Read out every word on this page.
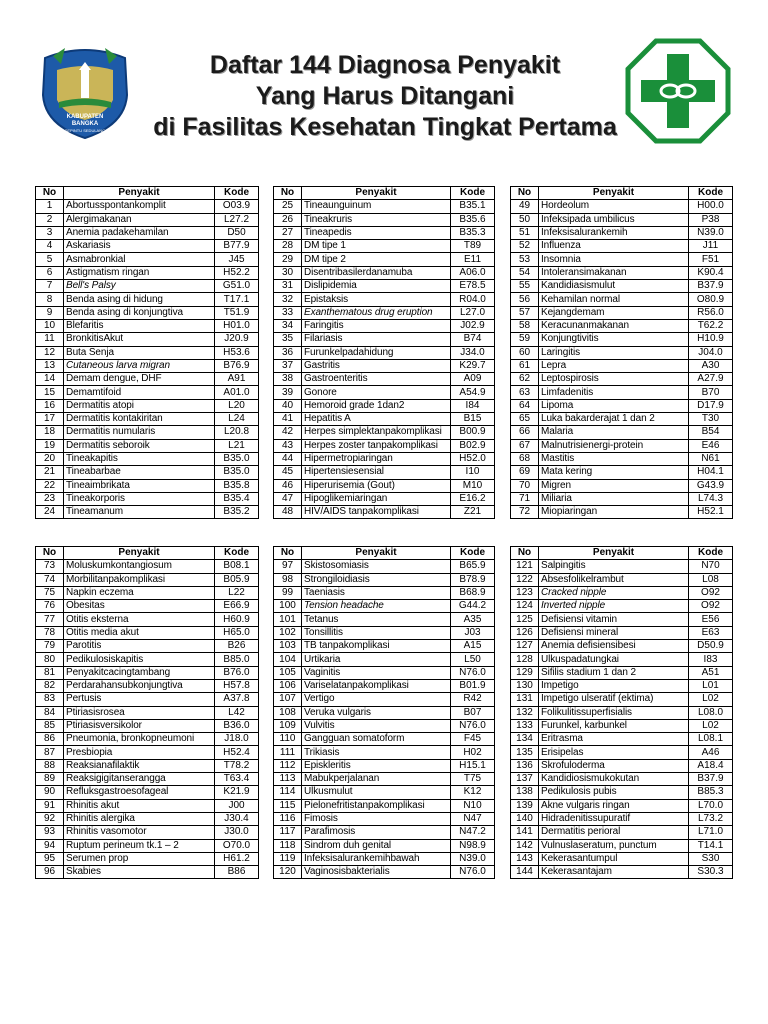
KABUPATEN
BANGKA
SEPINTU SEDULANG
Daftar 144 Diagnosa Penyakit
Yang Harus Ditangani
di Fasilitas Kesehatan Tingkat Pertama
No	Penyakit	Kode
1	Abortusspontankomplit	O03.9
2	Alergimakanan	L27.2
3	Anemia padakehamilan	D50
4	Askariasis	B77.9
5	Asmabronkial	J45
6	Astigmatism ringan	H52.2
7	Bell's Palsy	G51.0
8	Benda asing di hidung	T17.1
9	Benda asing di konjungtiva	T51.9
10	Blefaritis	H01.0
11	BronkitisAkut	J20.9
12	Buta Senja	H53.6
13	Cutaneous larva migran	B76.9
14	Demam dengue, DHF	A91
15	Demamtifoid	A01.0
16	Dermatitis atopi	L20
17	Dermatitis kontakiritan	L24
18	Dermatitis numularis	L20.8
19	Dermatitis seboroik	L21
20	Tineakapitis	B35.0
21	Tineabarbae	B35.0
22	Tineaimbrikata	B35.8
23	Tineakorporis	B35.4
24	Tineamanum	B35.2
No	Penyakit	Kode
25	Tineaunguinum	B35.1
26	Tineakruris	B35.6
27	Tineapedis	B35.3
28	DM tipe 1	T89
29	DM tipe 2	E11
30	Disentribasilerdanamuba	A06.0
31	Dislipidemia	E78.5
32	Epistaksis	R04.0
33	Exanthematous drug eruption	L27.0
34	Faringitis	J02.9
35	Filariasis	B74
36	Furunkelpadahidung	J34.0
37	Gastritis	K29.7
38	Gastroenteritis	A09
39	Gonore	A54.9
40	Hemoroid grade 1dan2	I84
41	Hepatitis A	B15
42	Herpes simplektanpakomplikasi	B00.9
43	Herpes zoster tanpakomplikasi	B02.9
44	Hipermetropiaringan	H52.0
45	Hipertensiesensial	I10
46	Hiperurisemia (Gout)	M10
47	Hipoglikemiaringan	E16.2
48	HIV/AIDS tanpakomplikasi	Z21
No	Penyakit	Kode
49	Hordeolum	H00.0
50	Infeksipada umbilicus	P38
51	Infeksisalurankemih	N39.0
52	Influenza	J11
53	Insomnia	F51
54	Intoleransimakanan	K90.4
55	Kandidiasismulut	B37.9
56	Kehamilan normal	O80.9
57	Kejangdemam	R56.0
58	Keracunanmakanan	T62.2
59	Konjungtivitis	H10.9
60	Laringitis	J04.0
61	Lepra	A30
62	Leptospirosis	A27.9
63	Limfadenitis	B70
64	Lipoma	D17.9
65	Luka bakarderajat 1 dan 2	T30
66	Malaria	B54
67	Malnutrisienergi-protein	E46
68	Mastitis	N61
69	Mata kering	H04.1
70	Migren	G43.9
71	Miliaria	L74.3
72	Miopiaringan	H52.1
No	Penyakit	Kode
73	Moluskumkontangiosum	B08.1
74	Morbilitanpakomplikasi	B05.9
75	Napkin eczema	L22
76	Obesitas	E66.9
77	Otitis eksterna	H60.9
78	Otitis media akut	H65.0
79	Parotitis	B26
80	Pedikulosiskapitis	B85.0
81	Penyakitcacingtambang	B76.0
82	Perdarahansubkonjungtiva	H57.8
83	Pertusis	A37.8
84	Ptiriasisrosea	L42
85	Ptiriasisversikolor	B36.0
86	Pneumonia, bronkopneumoni	J18.0
87	Presbiopia	H52.4
88	Reaksianafilaktik	T78.2
89	Reaksigigitanserangga	T63.4
90	Refluksgastroesofageal	K21.9
91	Rhinitis akut	J00
92	Rhinitis alergika	J30.4
93	Rhinitis vasomotor	J30.0
94	Ruptum perineum tk.1 – 2	O70.0
95	Serumen prop	H61.2
96	Skabies	B86
No	Penyakit	Kode
97	Skistosomiasis	B65.9
98	Strongiloidiasis	B78.9
99	Taeniasis	B68.9
100	Tension headache	G44.2
101	Tetanus	A35
102	Tonsillitis	J03
103	TB tanpakomplikasi	A15
104	Urtikaria	L50
105	Vaginitis	N76.0
106	Variselatanpakomplikasi	B01.9
107	Vertigo	R42
108	Veruka vulgaris	B07
109	Vulvitis	N76.0
110	Gangguan somatoform	F45
111	Trikiasis	H02
112	Episkleritis	H15.1
113	Mabukperjalanan	T75
114	Ulkusmulut	K12
115	Pielonefritistanpakomplikasi	N10
116	Fimosis	N47
117	Parafimosis	N47.2
118	Sindrom duh genital	N98.9
119	Infeksisalurankemihbawah	N39.0
120	Vaginosisbakterialis	N76.0
No	Penyakit	Kode
121	Salpingitis	N70
122	Absesfolikelrambut	L08
123	Cracked nipple	O92
124	Inverted nipple	O92
125	Defisiensi vitamin	E56
126	Defisiensi mineral	E63
127	Anemia defisiensibesi	D50.9
128	Ulkuspadatungkai	I83
129	Sifilis stadium 1 dan 2	A51
130	Impetigo	L01
131	Impetigo ulseratif (ektima)	L02
132	Folikulitissuperfisialis	L08.0
133	Furunkel, karbunkel	L02
134	Eritrasma	L08.1
135	Erisipelas	A46
136	Skrofuloderma	A18.4
137	Kandidiosismukokutan	B37.9
138	Pedikulosis pubis	B85.3
139	Akne vulgaris ringan	L70.0
140	Hidradenitissupuratif	L73.2
141	Dermatitis perioral	L71.0
142	Vulnuslaseratum, punctum	T14.1
143	Kekerasantumpul	S30
144	Kekerasantajam	S30.3
